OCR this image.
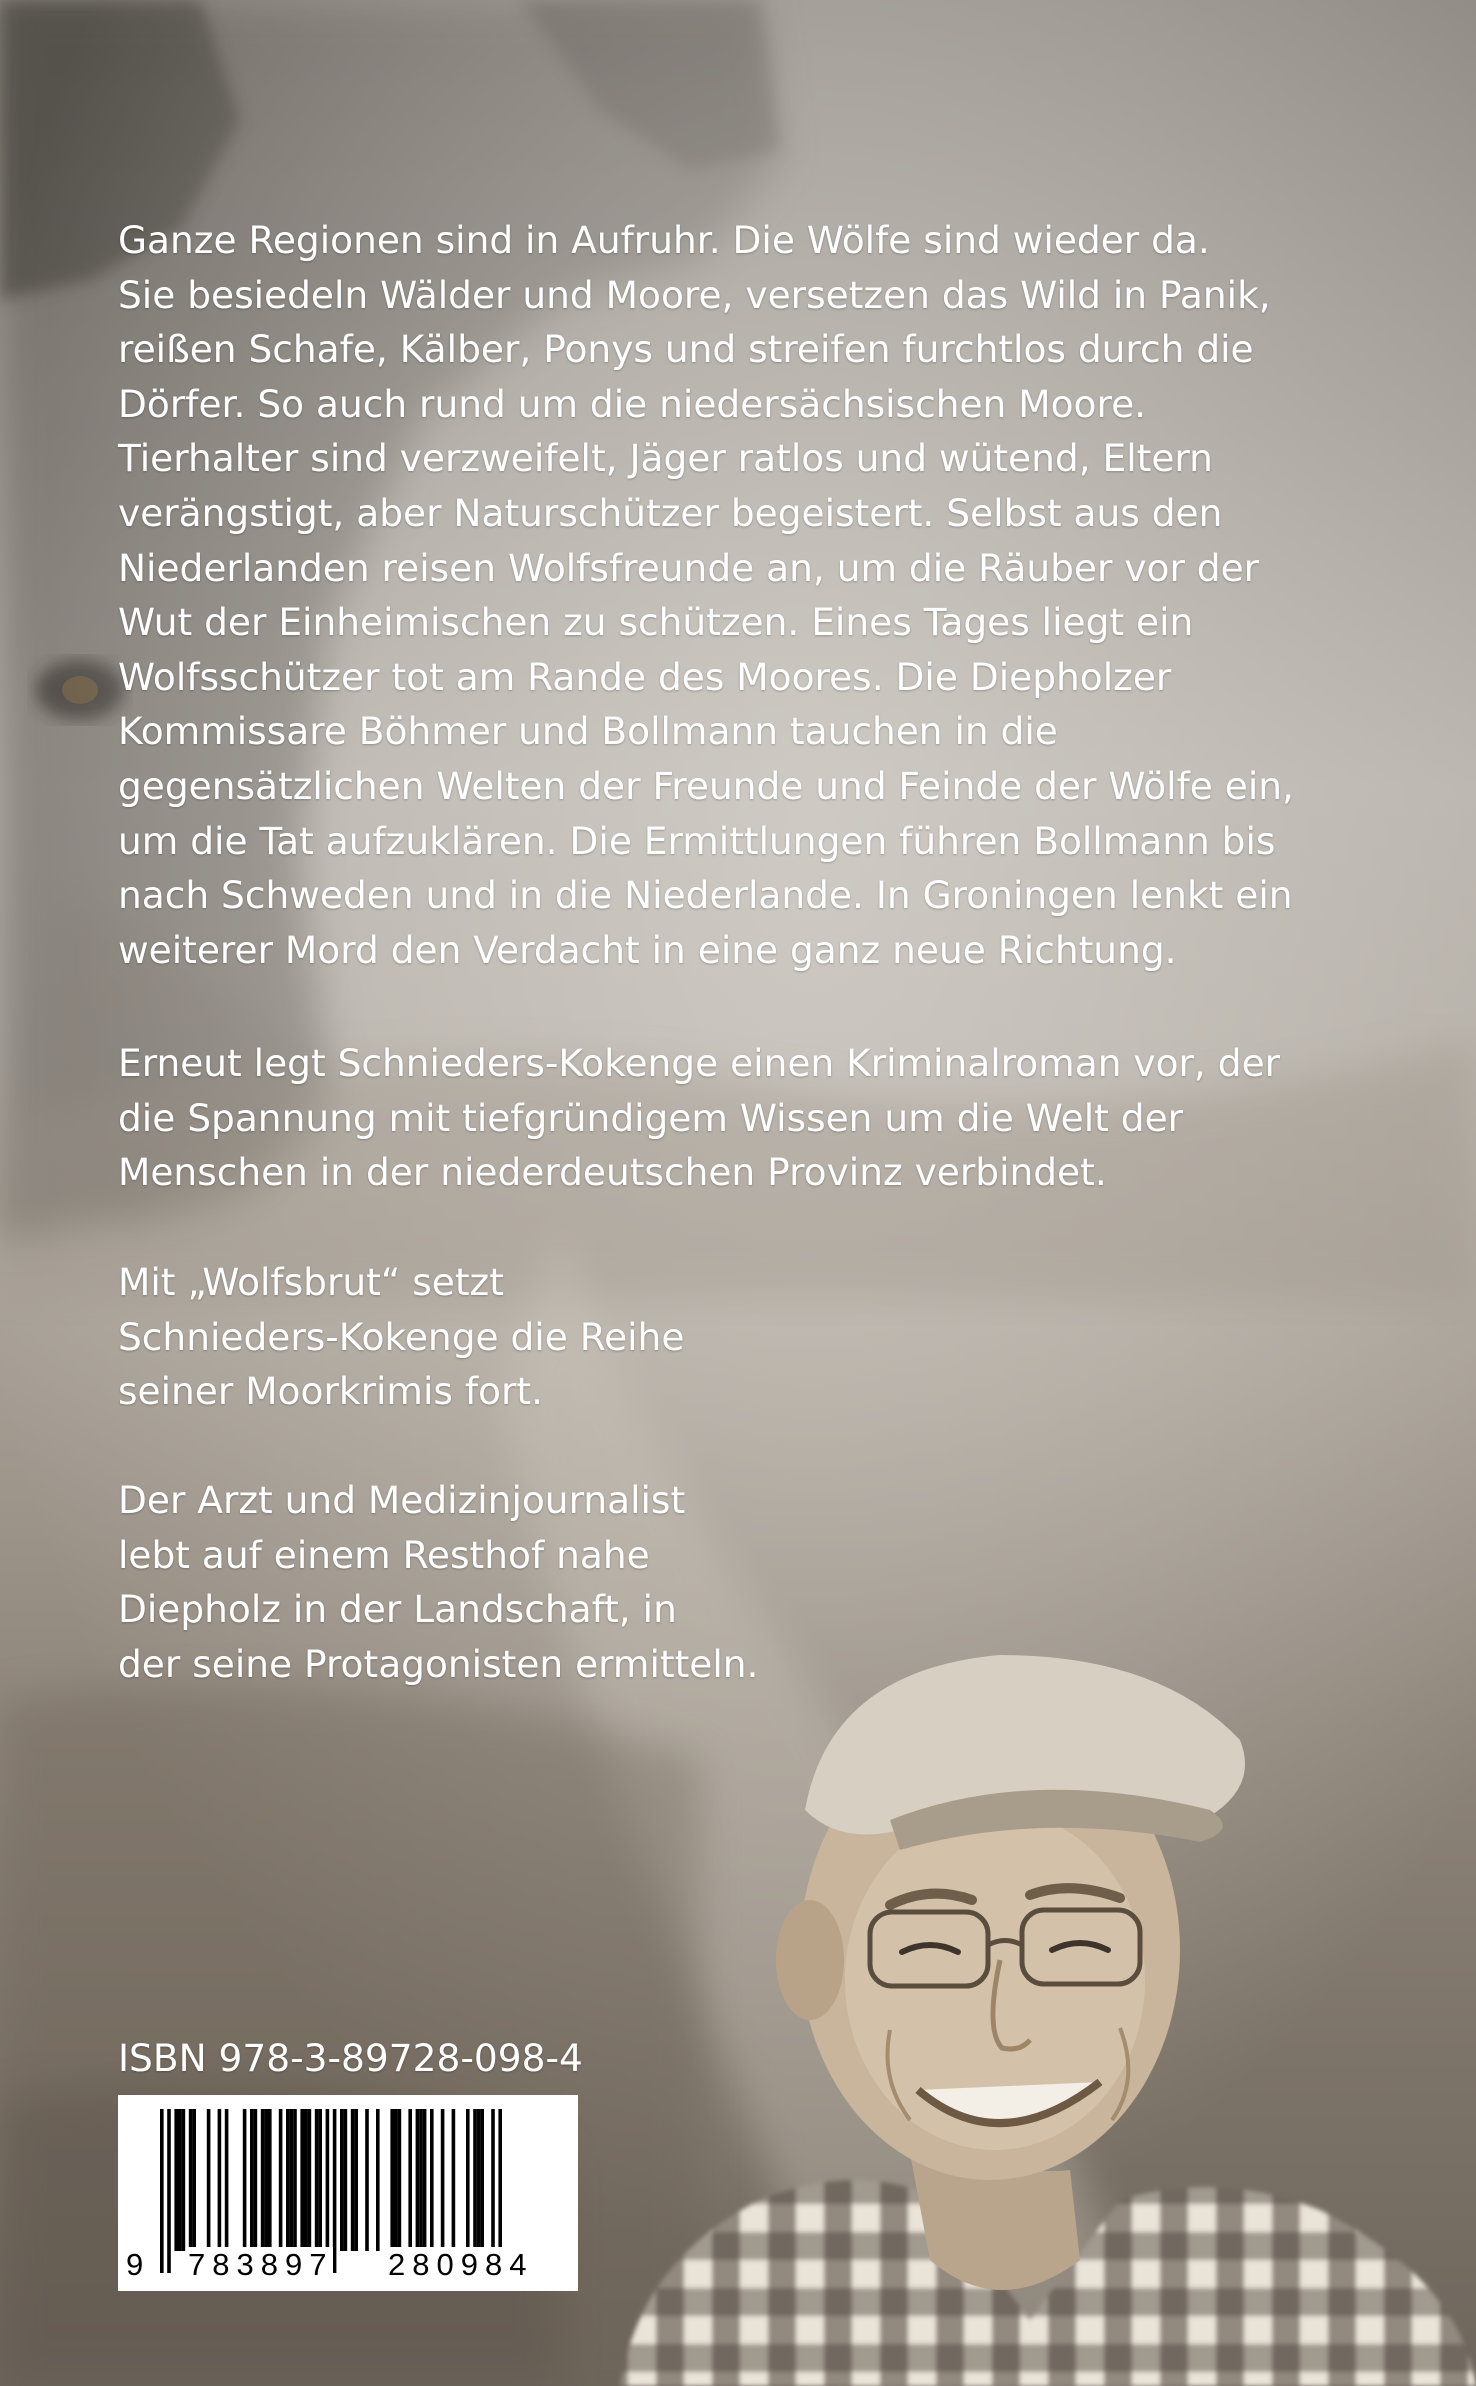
Ganze Regionen sind in Aufruhr. Die Wölfe sind wieder da.
Sie besiedeln Wälder und Moore, versetzen das Wild in Panik,
reißen Schafe, Kälber, Ponys und streifen furchtlos durch die
Dörfer. So auch rund um die niedersächsischen Moore.
Tierhalter sind verzweifelt, Jäger ratlos und wütend, Eltern
verängstigt, aber Naturschützer begeistert. Selbst aus den
Niederlanden reisen Wolfsfreunde an, um die Räuber vor der
Wut der Einheimischen zu schützen. Eines Tages liegt ein
Wolfsschützer tot am Rande des Moores. Die Diepholzer
Kommissare Böhmer und Bollmann tauchen in die
gegensätzlichen Welten der Freunde und Feinde der Wölfe ein,
um die Tat aufzuklären. Die Ermittlungen führen Bollmann bis
nach Schweden und in die Niederlande. In Groningen lenkt ein
weiterer Mord den Verdacht in eine ganz neue Richtung.
Erneut legt Schnieders-Kokenge einen Kriminalroman vor, der
die Spannung mit tiefgründigem Wissen um die Welt der
Menschen in der niederdeutschen Provinz verbindet.
Mit „Wolfsbrut“ setzt
Schnieders-Kokenge die Reihe
seiner Moorkrimis fort.
Der Arzt und Medizinjournalist
lebt auf einem Resthof nahe
Diepholz in der Landschaft, in
der seine Protagonisten ermitteln.
ISBN 978-3-89728-098-4
9 783897 280984
